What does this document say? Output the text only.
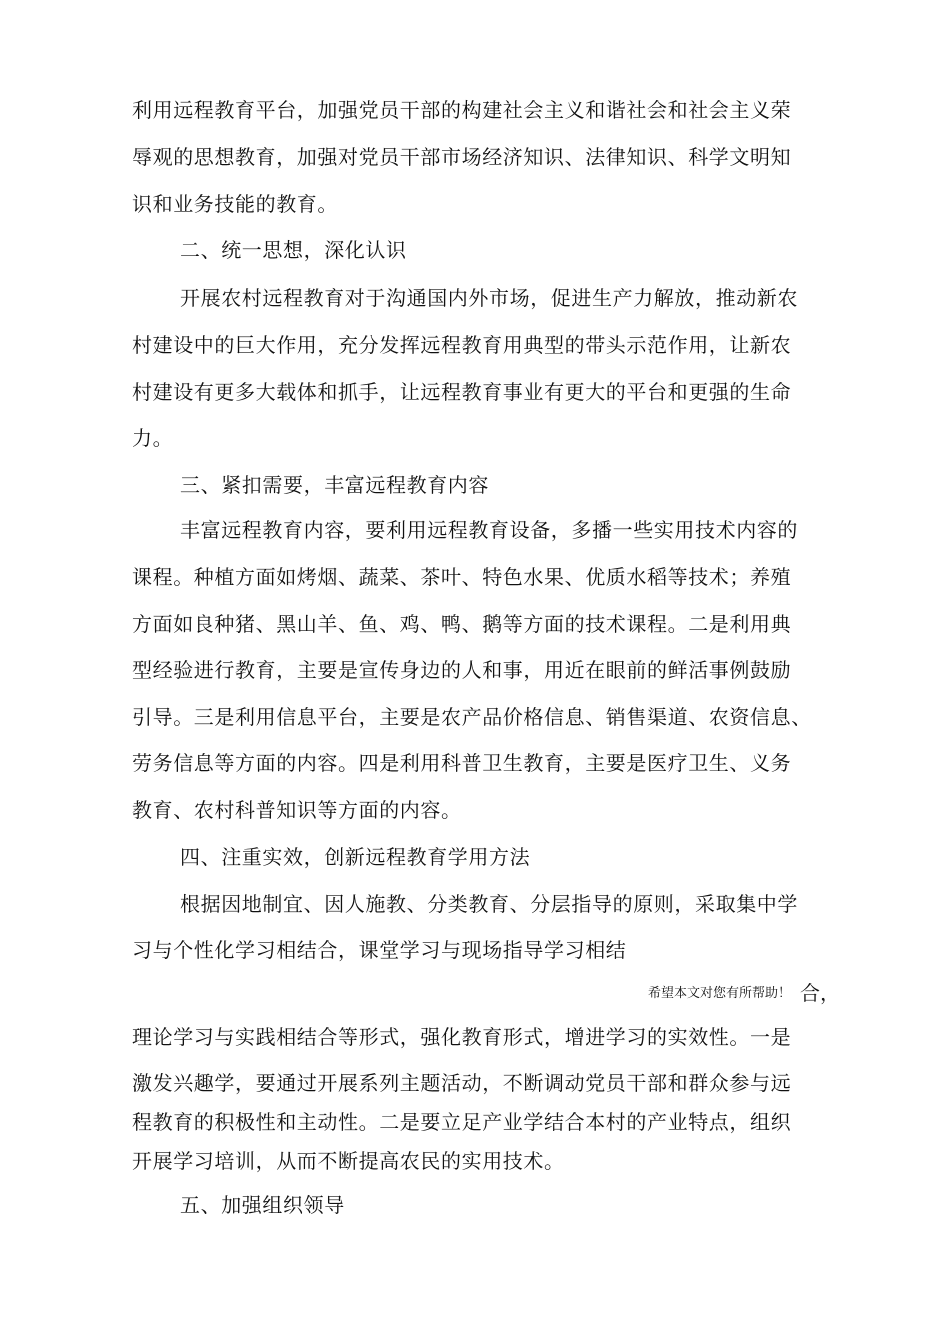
利用远程教育平台，加强党员干部的构建社会主义和谐社会和社会主义荣
辱观的思想教育，加强对党员干部市场经济知识、法律知识、科学文明知
识和业务技能的教育。
二、统一思想，深化认识
开展农村远程教育对于沟通国内外市场，促进生产力解放，推动新农
村建设中的巨大作用，充分发挥远程教育用典型的带头示范作用，让新农
村建设有更多大载体和抓手，让远程教育事业有更大的平台和更强的生命
力。
三、紧扣需要，丰富远程教育内容
丰富远程教育内容，要利用远程教育设备，多播一些实用技术内容的
课程。种植方面如烤烟、蔬菜、茶叶、特色水果、优质水稻等技术；养殖
方面如良种猪、黑山羊、鱼、鸡、鸭、鹅等方面的技术课程。二是利用典
型经验进行教育，主要是宣传身边的人和事，用近在眼前的鲜活事例鼓励
引导。三是利用信息平台，主要是农产品价格信息、销售渠道、农资信息、
劳务信息等方面的内容。四是利用科普卫生教育，主要是医疗卫生、义务
教育、农村科普知识等方面的内容。
四、注重实效，创新远程教育学用方法
根据因地制宜、因人施教、分类教育、分层指导的原则，采取集中学
习与个性化学习相结合，课堂学习与现场指导学习相结
希望本文对您有所帮助！ 合，
理论学习与实践相结合等形式，强化教育形式，增进学习的实效性。一是
激发兴趣学，要通过开展系列主题活动，不断调动党员干部和群众参与远
程教育的积极性和主动性。二是要立足产业学结合本村的产业特点，组织
开展学习培训，从而不断提高农民的实用技术。
五、加强组织领导
